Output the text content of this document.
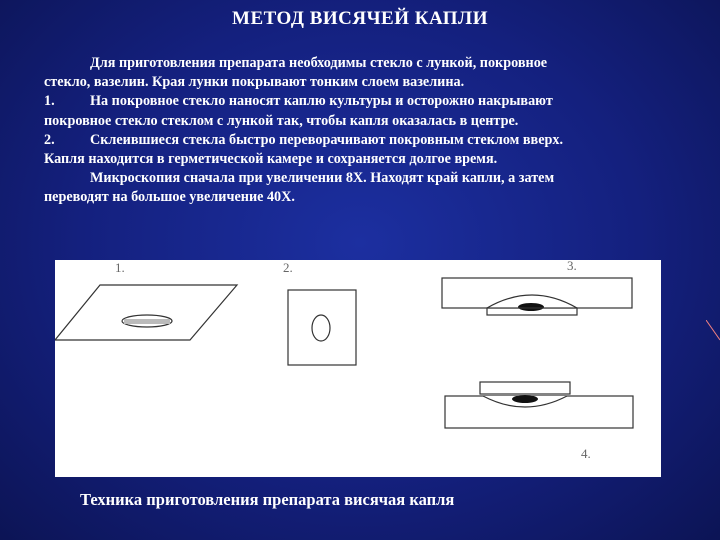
МЕТОД ВИСЯЧЕЙ КАПЛИ
Для приготовления препарата необходимы стекло с лункой, покровное
стекло, вазелин. Края лунки покрывают тонким слоем вазелина.
1. На покровное стекло наносят каплю культуры и осторожно накрывают
покровное стекло стеклом с лункой так, чтобы капля оказалась в центре.
2. Склеившиеся стекла быстро переворачивают покровным стеклом вверх.
Капля находится в герметической камере и сохраняется долгое время.
Микроскопия сначала при увеличении 8Х. Находят край капли, а затем
переводят на большое увеличение 40Х.
1.	2.	3.
4.
Техника приготовления препарата висячая капля
